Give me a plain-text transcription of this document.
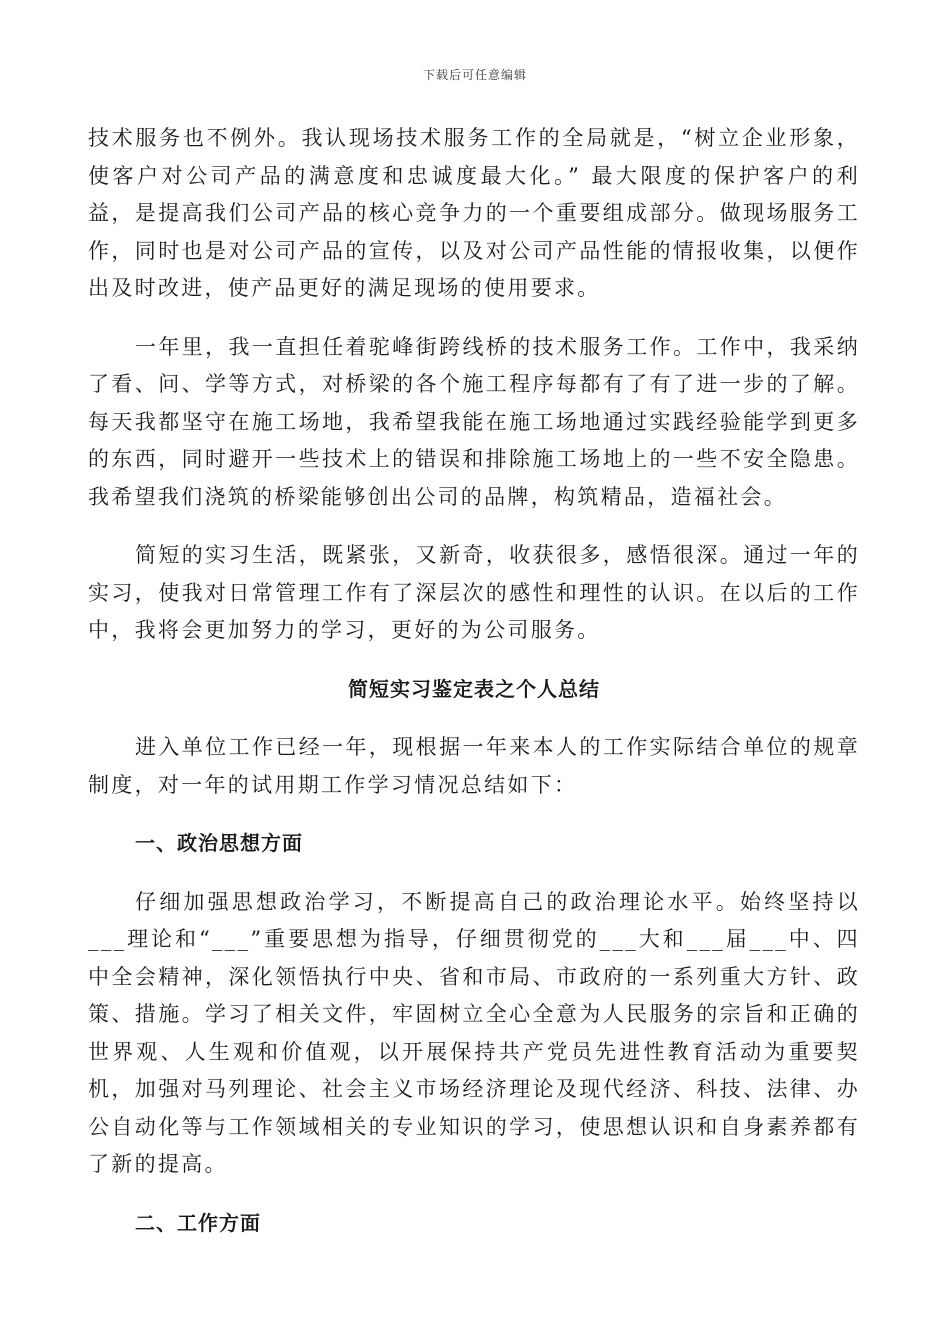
下载后可任意编辑

技术服务也不例外。我认现场技术服务工作的全局就是，“树立企业形象，使客户对公司产品的满意度和忠诚度最大化。” 最大限度的保护客户的利益，是提高我们公司产品的核心竞争力的一个重要组成部分。做现场服务工作，同时也是对公司产品的宣传，以及对公司产品性能的情报收集，以便作出及时改进，使产品更好的满足现场的使用要求。

一年里，我一直担任着驼峰街跨线桥的技术服务工作。工作中，我采纳了看、问、学等方式，对桥梁的各个施工程序每都有了有了进一步的了解。每天我都坚守在施工场地，我希望我能在施工场地通过实践经验能学到更多的东西，同时避开一些技术上的错误和排除施工场地上的一些不安全隐患。我希望我们浇筑的桥梁能够创出公司的品牌，构筑精品，造福社会。

简短的实习生活，既紧张，又新奇，收获很多，感悟很深。通过一年的实习，使我对日常管理工作有了深层次的感性和理性的认识。在以后的工作中，我将会更加努力的学习，更好的为公司服务。

简短实习鉴定表之个人总结

进入单位工作已经一年，现根据一年来本人的工作实际结合单位的规章制度，对一年的试用期工作学习情况总结如下：

一、政治思想方面

仔细加强思想政治学习，不断提高自己的政治理论水平。始终坚持以___理论和“___”重要思想为指导，仔细贯彻党的___大和___届___中、四中全会精神，深化领悟执行中央、省和市局、市政府的一系列重大方针、政策、措施。学习了相关文件，牢固树立全心全意为人民服务的宗旨和正确的世界观、人生观和价值观，以开展保持共产党员先进性教育活动为重要契机，加强对马列理论、社会主义市场经济理论及现代经济、科技、法律、办公自动化等与工作领域相关的专业知识的学习，使思想认识和自身素养都有了新的提高。

二、工作方面
